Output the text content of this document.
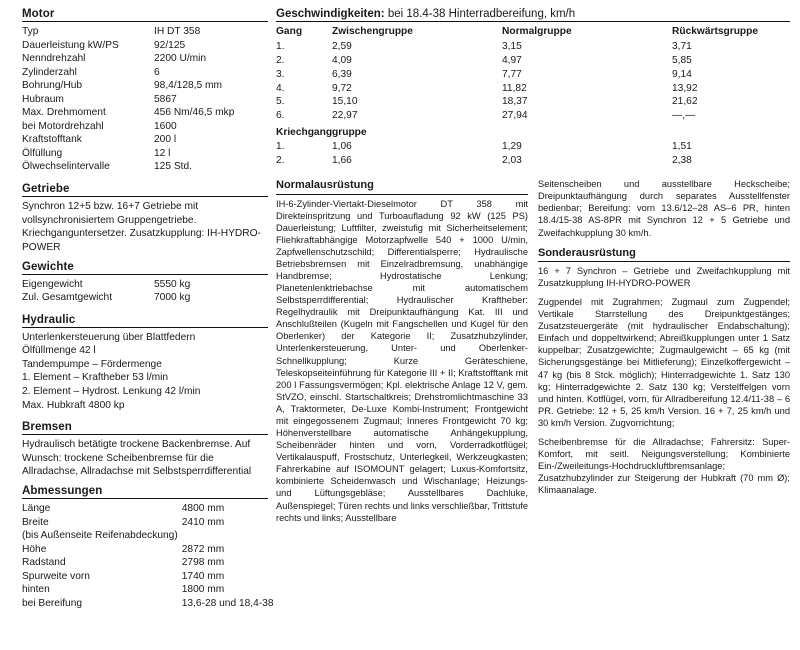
Motor
Typ	IH DT 358
Dauerleistung kW/PS	92/125
Nenndrehzahl	2200 U/min
Zylinderzahl	6
Bohrung/Hub	98,4/128,5 mm
Hubraum	5867
Max. Drehmoment	456 Nm/46,5 mkp
bei Motordrehzahl	1600
Kraftstofftank	200 l
Ölfüllung	12 l
Ölwechselintervalle	125 Std.
Getriebe

Synchron 12+5 bzw. 16+7 Getriebe mit vollsynchronisiertem Gruppengetriebe. Kriechganguntersetzer. Zusatzkupplung: IH-HYDRO-POWER

Gewichte
Eigengewicht	5550 kg
Zul. Gesamtgewicht	7000 kg
Hydraulic
Unterlenkersteuerung über Blattfedern
Ölfüllmenge 42 l
Tandempumpe – Fördermenge
1. Element – Kraftheber 53 l/min
2. Element – Hydrost. Lenkung 42 l/min
Max. Hubkraft 4800 kp
Bremsen

Hydraulisch betätigte trockene Backenbremse. Auf Wunsch: trockene Scheibenbremse für die Allradachse, Allradachse mit Selbstsperrdifferential

Abmessungen
Länge	4800 mm
Breite	2410 mm
(bis Außenseite Reifenabdeckung)	
Höhe	2872 mm
Radstand	2798 mm
Spurweite vorn	1740 mm
hinten	1800 mm
bei Bereifung	13,6-28 und 18,4-38
Geschwindigkeiten: bei 18.4-38 Hinterradbereifung, km/h
Gang	Zwischengruppe	Normalgruppe	Rückwärtsgruppe
1.	2,59	3,15	3,71
2.	4,09	4,97	5,85
3.	6,39	7,77	9,14
4.	9,72	11,82	13,92
5.	15,10	18,37	21,62
6.	22,97	27,94	—,—
Kriechganggruppe
1.	1,06	1,29	1,51
2.	1,66	2,03	2,38
Normalausrüstung

IH-6-Zylinder-Viertakt-Dieselmotor DT 358 mit Direkteinspritzung und Turboaufladung 92 kW (125 PS) Dauerleistung; Luftfilter, zweistufig mit Sicherheitselement; Fliehkraftabhängige Motorzapfwelle 540 + 1000 U/min, Zapfwellenschutzschild; Differentialsperre; Hydraulische Betriebsbremsen mit Einzelradbremsung, unabhängige Handbremse; Hydrostatische Lenkung; Planetenlenktriebachse mit automatischem Selbstsperrdifferential; Hydraulischer Kraftheber: Regelhydraulik mit Dreipunktaufhängung Kat. III und Anschlußteilen (Kugeln mit Fangschellen und Kugel für den Oberlenker) der Kategorie II; Zusatzhubzylinder, Unterlenkersteuerung, Unter- und Oberlenker-Schnellkupplung; Kurze Geräteschiene, Teleskopseiteinführung für Kategorie III + II; Kraftstofftank mit 200 l Fassungsvermögen; Kpl. elektrische Anlage 12 V, gem. StVZO, einschl. Startschaltkreis; Drehstromlichtmaschine 33 A, Traktormeter, De-Luxe Kombi-Instrument; Frontgewicht mit eingegossenem Zugmaul; Inneres Frontgewicht 70 kg; Höhenverstellbare automatische Anhängekupplung, Scheibenräder hinten und vorn, Vorderradkotflügel; Vertikalauspuff, Frostschutz, Unterlegkeil, Werkzeugkasten; Fahrerkabine auf ISOMOUNT gelagert; Luxus-Komfortsitz, kombinierte Scheidenwasch und Wischanlage; Heizungs- und Lüftungsgebläse; Ausstellbares Dachluke, Außenspiegel; Türen rechts und links verschließbar, Trittstufe rechts und links; Ausstellbare

Seitenscheiben und ausstellbare Heckscheibe; Dreipunktaufhängung durch separates Ausstellfenster bedienbar; Bereifung: vorn 13.6/12–28 AS–6 PR, hinten 18.4/15-38 AS-8PR mit Synchron 12 + 5 Getriebe und Zweifachkupplung 30 km/h.

Sonderausrüstung

16 + 7 Synchron – Getriebe und Zweifachkupplung mit Zusatzkupplung IH-HYDRO-POWER

Zugpendel mit Zugrahmen; Zugmaul zum Zugpendel; Vertikale Starrstellung des Dreipunktgestänges; Zusatzsteuergeräte (mit hydraulischer Endabschaltung); Einfach und doppeltwirkend; Abreißkupplungen unter 1 Satz kuppelbar; Zusatzgewichte; Zugmaulgewicht – 65 kg (mit Sicherungsgestänge bei Mitlieferung); Einzelkoffergewicht – 47 kg (bis 8 Stck. möglich); Hinterradgewichte 1. Satz 130 kg; Hinterradgewichte 2. Satz 130 kg; Verstelffelgen vorn und hinten. Kotflügel, vorn, für Allradbereifung 12.4/11-38 – 6 PR. Getriebe: 12 + 5, 25 km/h Version. 16 + 7, 25 km/h und 30 km/h Version. Zugvorrichtung;

Scheibenbremse für die Allradachse; Fahrersitz: Super-Komfort, mit seitl. Neigungsverstellung; Kombinierte Ein-/Zweileitungs-Hochdruckluftbremsanlage; Zusatzhubzylinder zur Steigerung der Hubkraft (70 mm Ø); Klimaanalage.
